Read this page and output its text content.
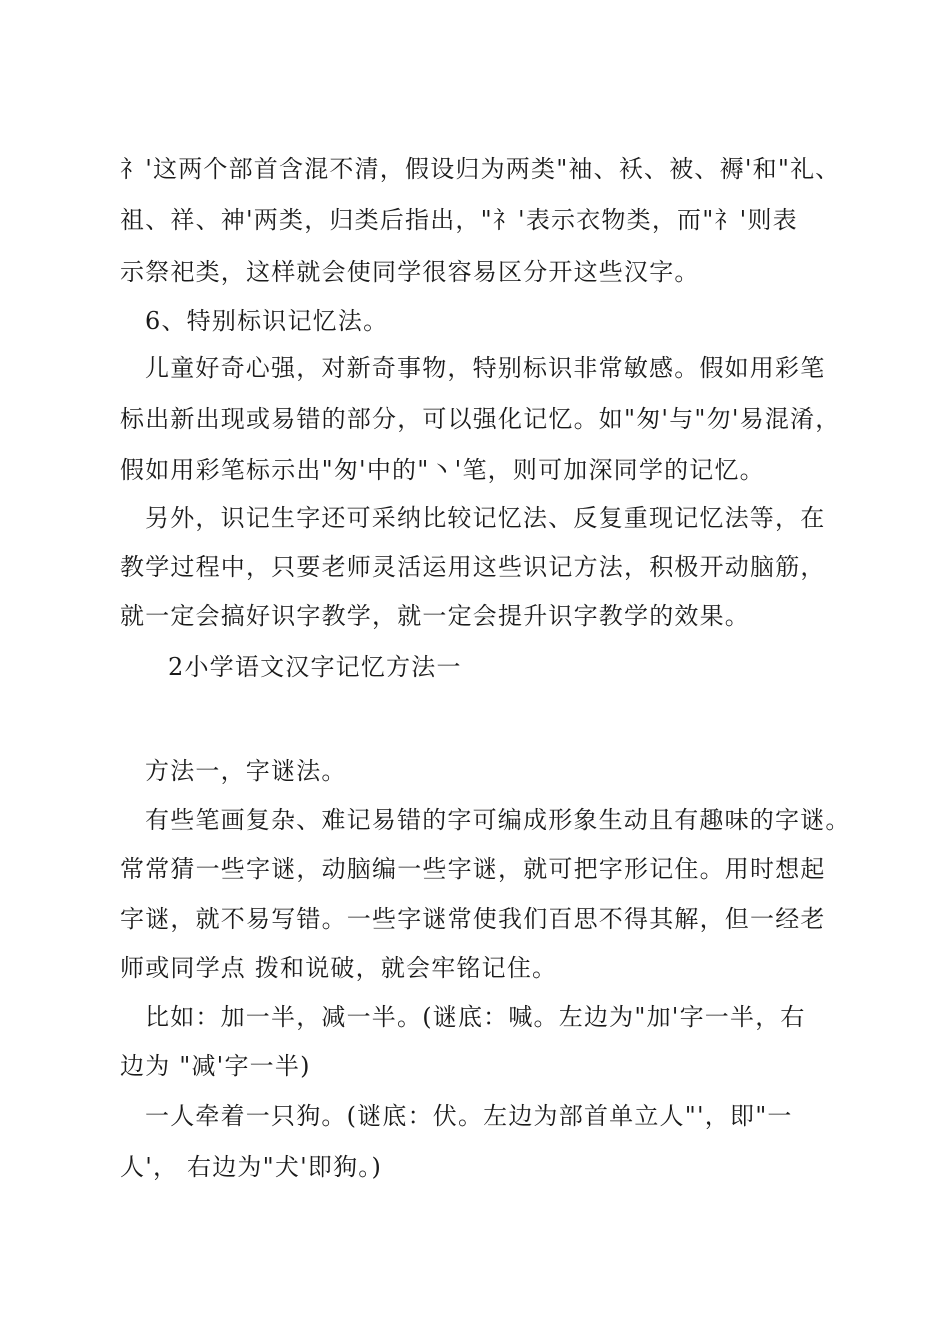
礻'这两个部首含混不清，假设归为两类"袖、袄、被、褥'和"礼、
祖、祥、神'两类，归类后指出，"礻'表示衣物类，而"礻'则表
示祭祀类，这样就会使同学很容易区分开这些汉字。
6、特别标识记忆法。
儿童好奇心强，对新奇事物，特别标识非常敏感。假如用彩笔
标出新出现或易错的部分，可以强化记忆。如"匆'与"勿'易混淆，
假如用彩笔标示出"匆'中的"丶'笔，则可加深同学的记忆。
另外，识记生字还可采纳比较记忆法、反复重现记忆法等，在
教学过程中，只要老师灵活运用这些识记方法，积极开动脑筋，
就一定会搞好识字教学，就一定会提升识字教学的效果。
2小学语文汉字记忆方法一
方法一，字谜法。
有些笔画复杂、难记易错的字可编成形象生动且有趣味的字谜。
常常猜一些字谜，动脑编一些字谜，就可把字形记住。用时想起
字谜，就不易写错。一些字谜常使我们百思不得其解，但一经老
师或同学点 拨和说破，就会牢铭记住。
比如：加一半，减一半。(谜底：喊。左边为"加'字一半，右
边为 "减'字一半)
一人牵着一只狗。(谜底：伏。左边为部首单立人"'，即"一
人'， 右边为"犬'即狗。)
